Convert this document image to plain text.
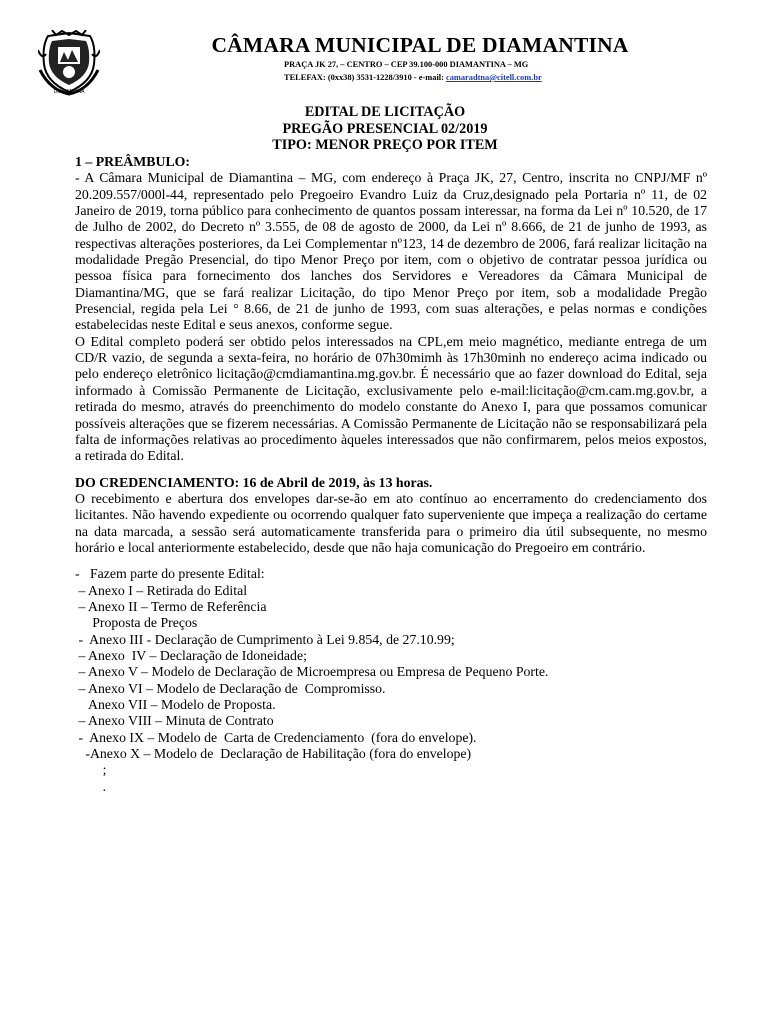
DIAMANTINA
CÂMARA MUNICIPAL DE DIAMANTINA
PRAÇA JK 27, – CENTRO – CEP 39.100-000 DIAMANTINA – MG
TELEFAX: (0xx38) 3531-1228/3910 - e-mail: camaradtna@citell.com.br
EDITAL DE LICITAÇÃO
PREGÃO PRESENCIAL 02/2019
TIPO: MENOR PREÇO POR ITEM

1 – PREÂMBULO:

- A Câmara Municipal de Diamantina – MG, com endereço à Praça JK, 27, Centro, inscrita no CNPJ/MF nº 20.209.557/000l-44, representado pelo Pregoeiro Evandro Luiz da Cruz,designado pela Portaria nº 11, de 02 Janeiro de 2019, torna público para conhecimento de quantos possam interessar, na forma da Lei nº 10.520, de 17 de Julho de 2002, do Decreto nº 3.555, de 08 de agosto de 2000, da Lei nº 8.666, de 21 de junho de 1993, as respectivas alterações posteriores, da Lei Complementar nº123, 14 de dezembro de 2006, fará realizar licitação na modalidade Pregão Presencial, do tipo Menor Preço por item, com o objetivo de contratar pessoa jurídica ou pessoa física para fornecimento dos lanches dos Servidores e Vereadores da Câmara Municipal de Diamantina/MG, que se fará realizar Licitação, do tipo Menor Preço por item, sob a modalidade Pregão Presencial, regida pela Lei ° 8.66, de 21 de junho de 1993, com suas alterações, e pelas normas e condições estabelecidas neste Edital e seus anexos, conforme segue.

O Edital completo poderá ser obtido pelos interessados na CPL,em meio magnético, mediante entrega de um CD/R vazio, de segunda a sexta-feira, no horário de 07h30mimh às 17h30minh no endereço acima indicado ou pelo endereço eletrônico licitação@cmdiamantina.mg.gov.br. É necessário que ao fazer download do Edital, seja informado à Comissão Permanente de Licitação, exclusivamente pelo e-mail:licitação@cm.cam.mg.gov.br, a retirada do mesmo, através do preenchimento do modelo constante do Anexo I, para que possamos comunicar possíveis alterações que se fizerem necessárias. A Comissão Permanente de Licitação não se responsabilizará pela falta de informações relativas ao procedimento àqueles interessados que não confirmarem, pelos meios expostos, a retirada do Edital.

DO CREDENCIAMENTO: 16 de Abril de 2019, às 13 horas.

O recebimento e abertura dos envelopes dar-se-ão em ato contínuo ao encerramento do credenciamento dos licitantes. Não havendo expediente ou ocorrendo qualquer fato superveniente que impeça a realização do certame na data marcada, a sessão será automaticamente transferida para o primeiro dia útil subsequente, no mesmo horário e local anteriormente estabelecido, desde que não haja comunicação do Pregoeiro em contrário.

-   Fazem parte do presente Edital:
– Anexo I – Retirada do Edital
– Anexo II – Termo de Referência
Proposta de Preços
-  Anexo III - Declaração de Cumprimento à Lei 9.854, de 27.10.99;
– Anexo  IV – Declaração de Idoneidade;
– Anexo V – Modelo de Declaração de Microempresa ou Empresa de Pequeno Porte.
– Anexo VI – Modelo de Declaração de  Compromisso.
Anexo VII – Modelo de Proposta.
– Anexo VIII – Minuta de Contrato
-  Anexo IX – Modelo de  Carta de Credenciamento  (fora do envelope).
-Anexo X – Modelo de  Declaração de Habilitação (fora do envelope)
;
.
